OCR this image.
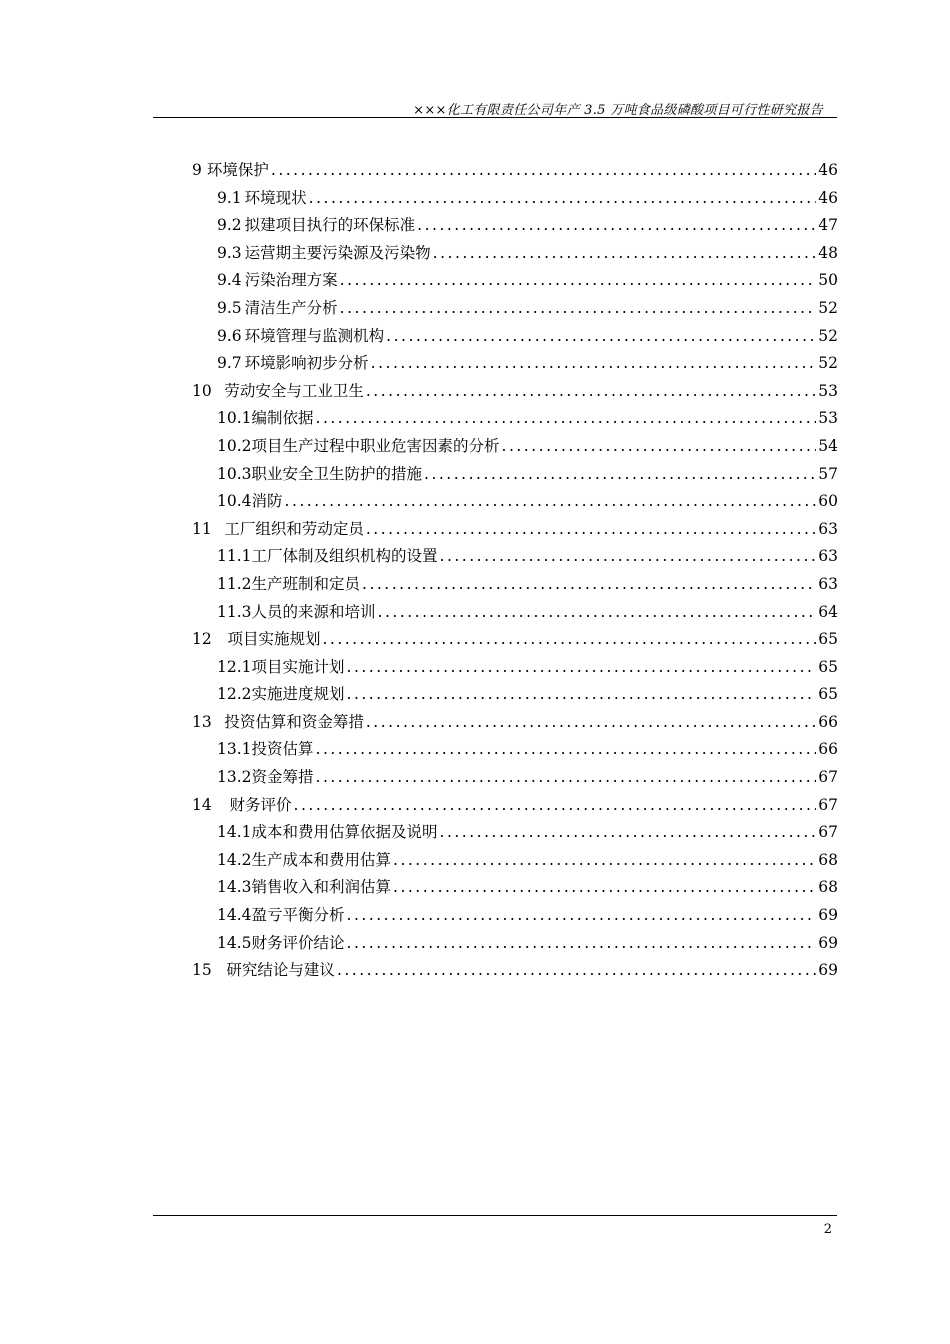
×××化工有限责任公司年产 3.5 万吨食品级磷酸项目可行性研究报告
9 环境保护 .....	46
9.1 环境现状 .....	46
9.2 拟建项目执行的环保标准 .....	47
9.3 运营期主要污染源及污染物 .....	48
9.4 污染治理方案 .....	50
9.5 清洁生产分析 .....	52
9.6 环境管理与监测机构 .....	52
9.7 环境影响初步分析 .....	52
10 劳动安全与工业卫生 .....	53
10.1 编制依据 .....	53
10.2 项目生产过程中职业危害因素的分析 .....	54
10.3 职业安全卫生防护的措施 .....	57
10.4 消防 .....	60
11 工厂组织和劳动定员 .....	63
11.1 工厂体制及组织机构的设置 .....	63
11.2 生产班制和定员 .....	63
11.3 人员的来源和培训 .....	64
12	项目实施规划 .....	65
12.1 项目实施计划 .....	65
12.2 实施进度规划 .....	65
13 投资估算和资金筹措 .....	66
13.1 投资估算 .....	66
13.2 资金筹措 .....	67
14	财务评价 .....	67
14.1 成本和费用估算依据及说明 .....	67
14.2 生产成本和费用估算 .....	68
14.3 销售收入和利润估算 .....	68
14.4 盈亏平衡分析 .....	69
14.5 财务评价结论 .....	69
15 研究结论与建议 .....	69
2
